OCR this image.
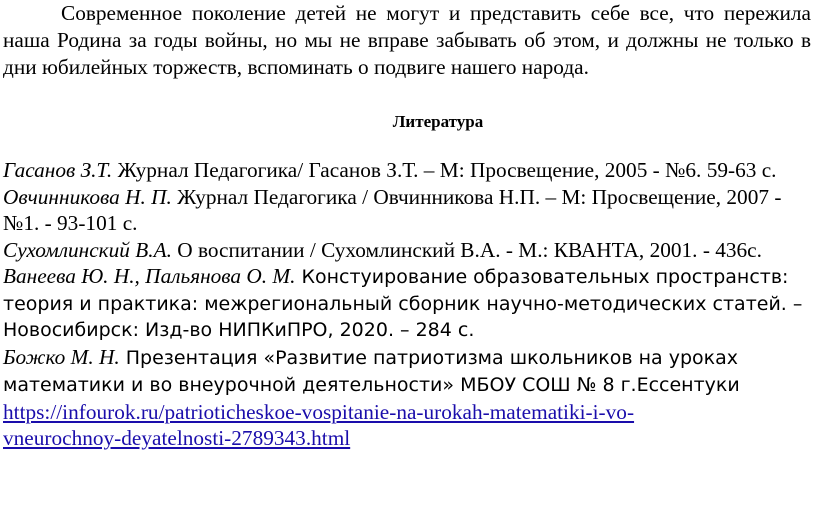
Современное поколение детей не могут и представить себе все, что пережила наша Родина за годы войны, но мы не вправе забывать об этом, и должны не только в дни юбилейных торжеств, вспоминать о подвиге нашего народа.

Литература

Гасанов З.Т. Журнал Педагогика/ Гасанов З.Т. – М: Просвещение, 2005 - №6. 59-63 с.

Овчинникова Н. П. Журнал Педагогика / Овчинникова Н.П. – М: Просвещение, 2007 - №1. - 93-101 с.

Сухомлинский В.А. О воспитании / Сухомлинский В.А. - М.: КВАНТА, 2001. - 436с.

Ванеева Ю. Н., Пальянова О. М. Констуирование образовательных пространств: теория и практика: межрегиональный сборник научно-методических статей. – Новосибирск: Изд-во НИПКиПРО, 2020. – 284 с.

Божко М. Н. Презентация «Развитие патриотизма школьников на уроках математики и во внеурочной деятельности» МБОУ СОШ № 8 г.Ессентуки
https://infourok.ru/patrioticheskoe-vospitanie-na-urokah-matematiki-i-vo-
vneurochnoy-deyatelnosti-2789343.html
